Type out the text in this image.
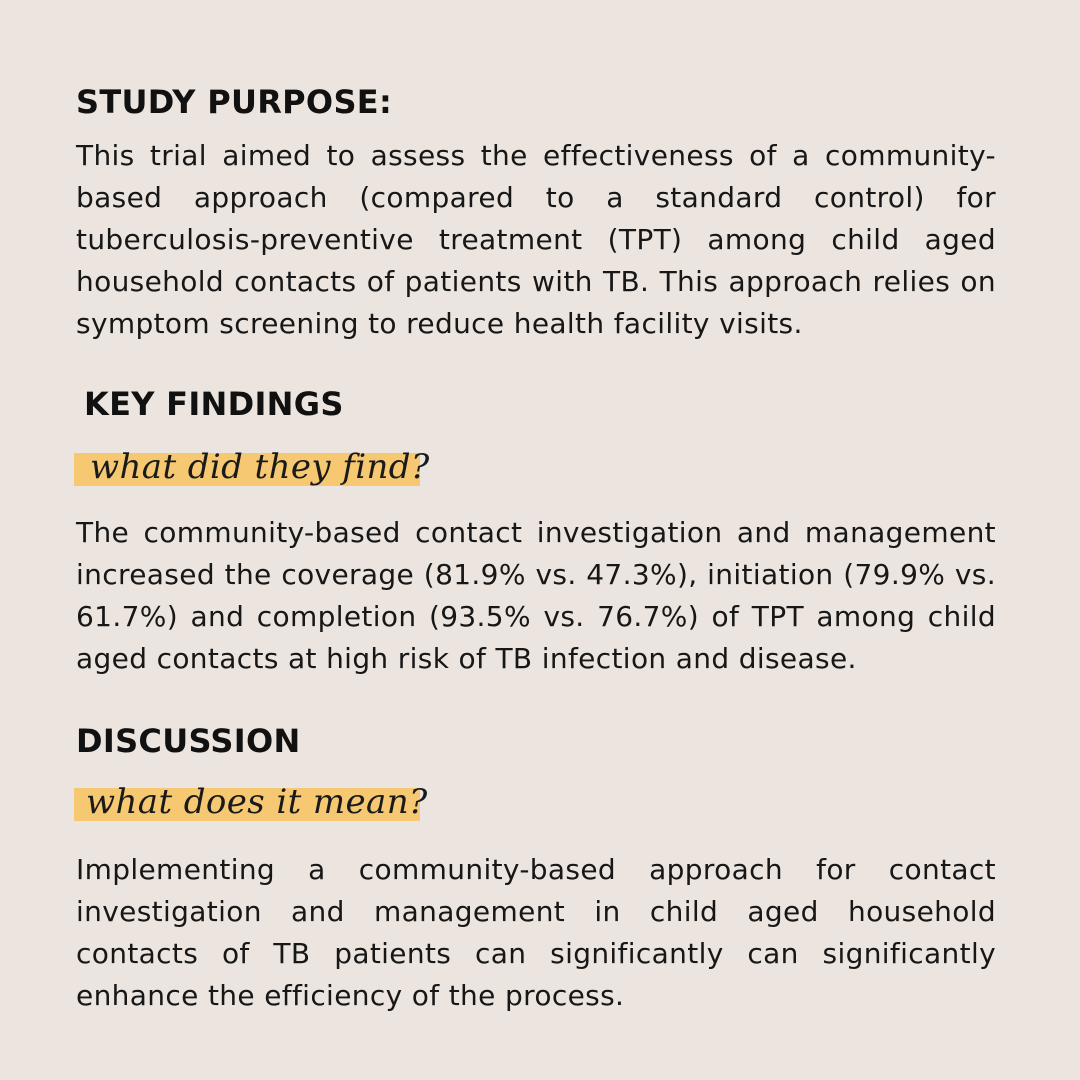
STUDY PURPOSE:

This trial aimed to assess the effectiveness of a community-based approach (compared to a standard control) for tuberculosis-preventive treatment (TPT) among child aged household contacts of patients with TB. This approach relies on symptom screening to reduce health facility visits.

KEY FINDINGS
what did they find?

The community-based contact investigation and management increased the coverage (81.9% vs. 47.3%), initiation (79.9% vs. 61.7%) and completion (93.5% vs. 76.7%) of TPT among child aged contacts at high risk of TB infection and disease.

DISCUSSION
what does it mean?

Implementing a community-based approach for contact investigation and management in child aged household contacts of TB patients can significantly can significantly enhance the efficiency of the process.
